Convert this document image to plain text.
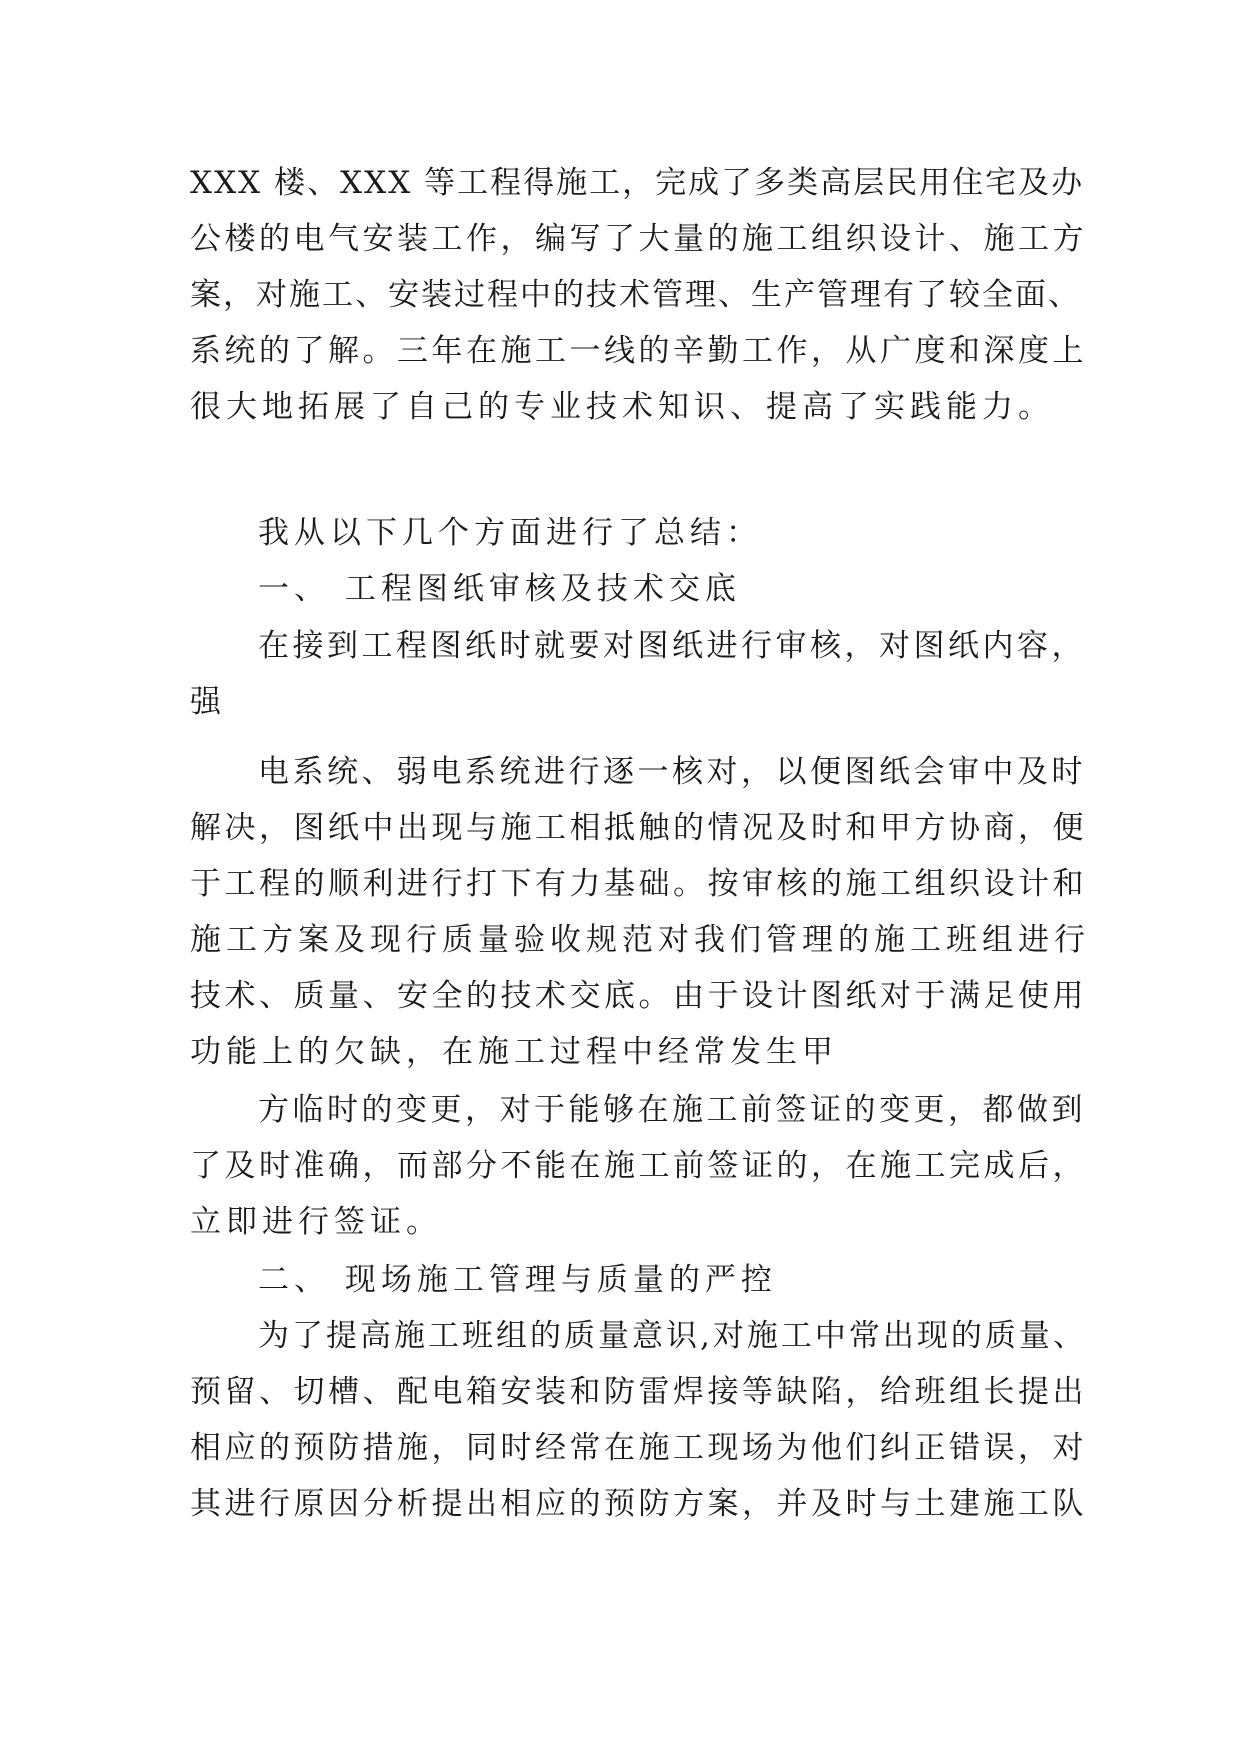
XXX 楼、XXX 等工程得施工，完成了多类高层民用住宅及办
公楼的电气安装工作，编写了大量的施工组织设计、施工方
案，对施工、安装过程中的技术管理、生产管理有了较全面、
系统的了解。三年在施工一线的辛勤工作，从广度和深度上
很大地拓展了自己的专业技术知识、提高了实践能力。
我从以下几个方面进行了总结：
一、 工程图纸审核及技术交底
在接到工程图纸时就要对图纸进行审核，对图纸内容，
强
电系统、弱电系统进行逐一核对，以便图纸会审中及时
解决，图纸中出现与施工相抵触的情况及时和甲方协商，便
于工程的顺利进行打下有力基础。按审核的施工组织设计和
施工方案及现行质量验收规范对我们管理的施工班组进行
技术、质量、安全的技术交底。由于设计图纸对于满足使用
功能上的欠缺，在施工过程中经常发生甲
方临时的变更，对于能够在施工前签证的变更，都做到
了及时准确，而部分不能在施工前签证的，在施工完成后，
立即进行签证。
二、 现场施工管理与质量的严控
为了提高施工班组的质量意识,对施工中常出现的质量、
预留、切槽、配电箱安装和防雷焊接等缺陷，给班组长提出
相应的预防措施，同时经常在施工现场为他们纠正错误，对
其进行原因分析提出相应的预防方案，并及时与土建施工队
